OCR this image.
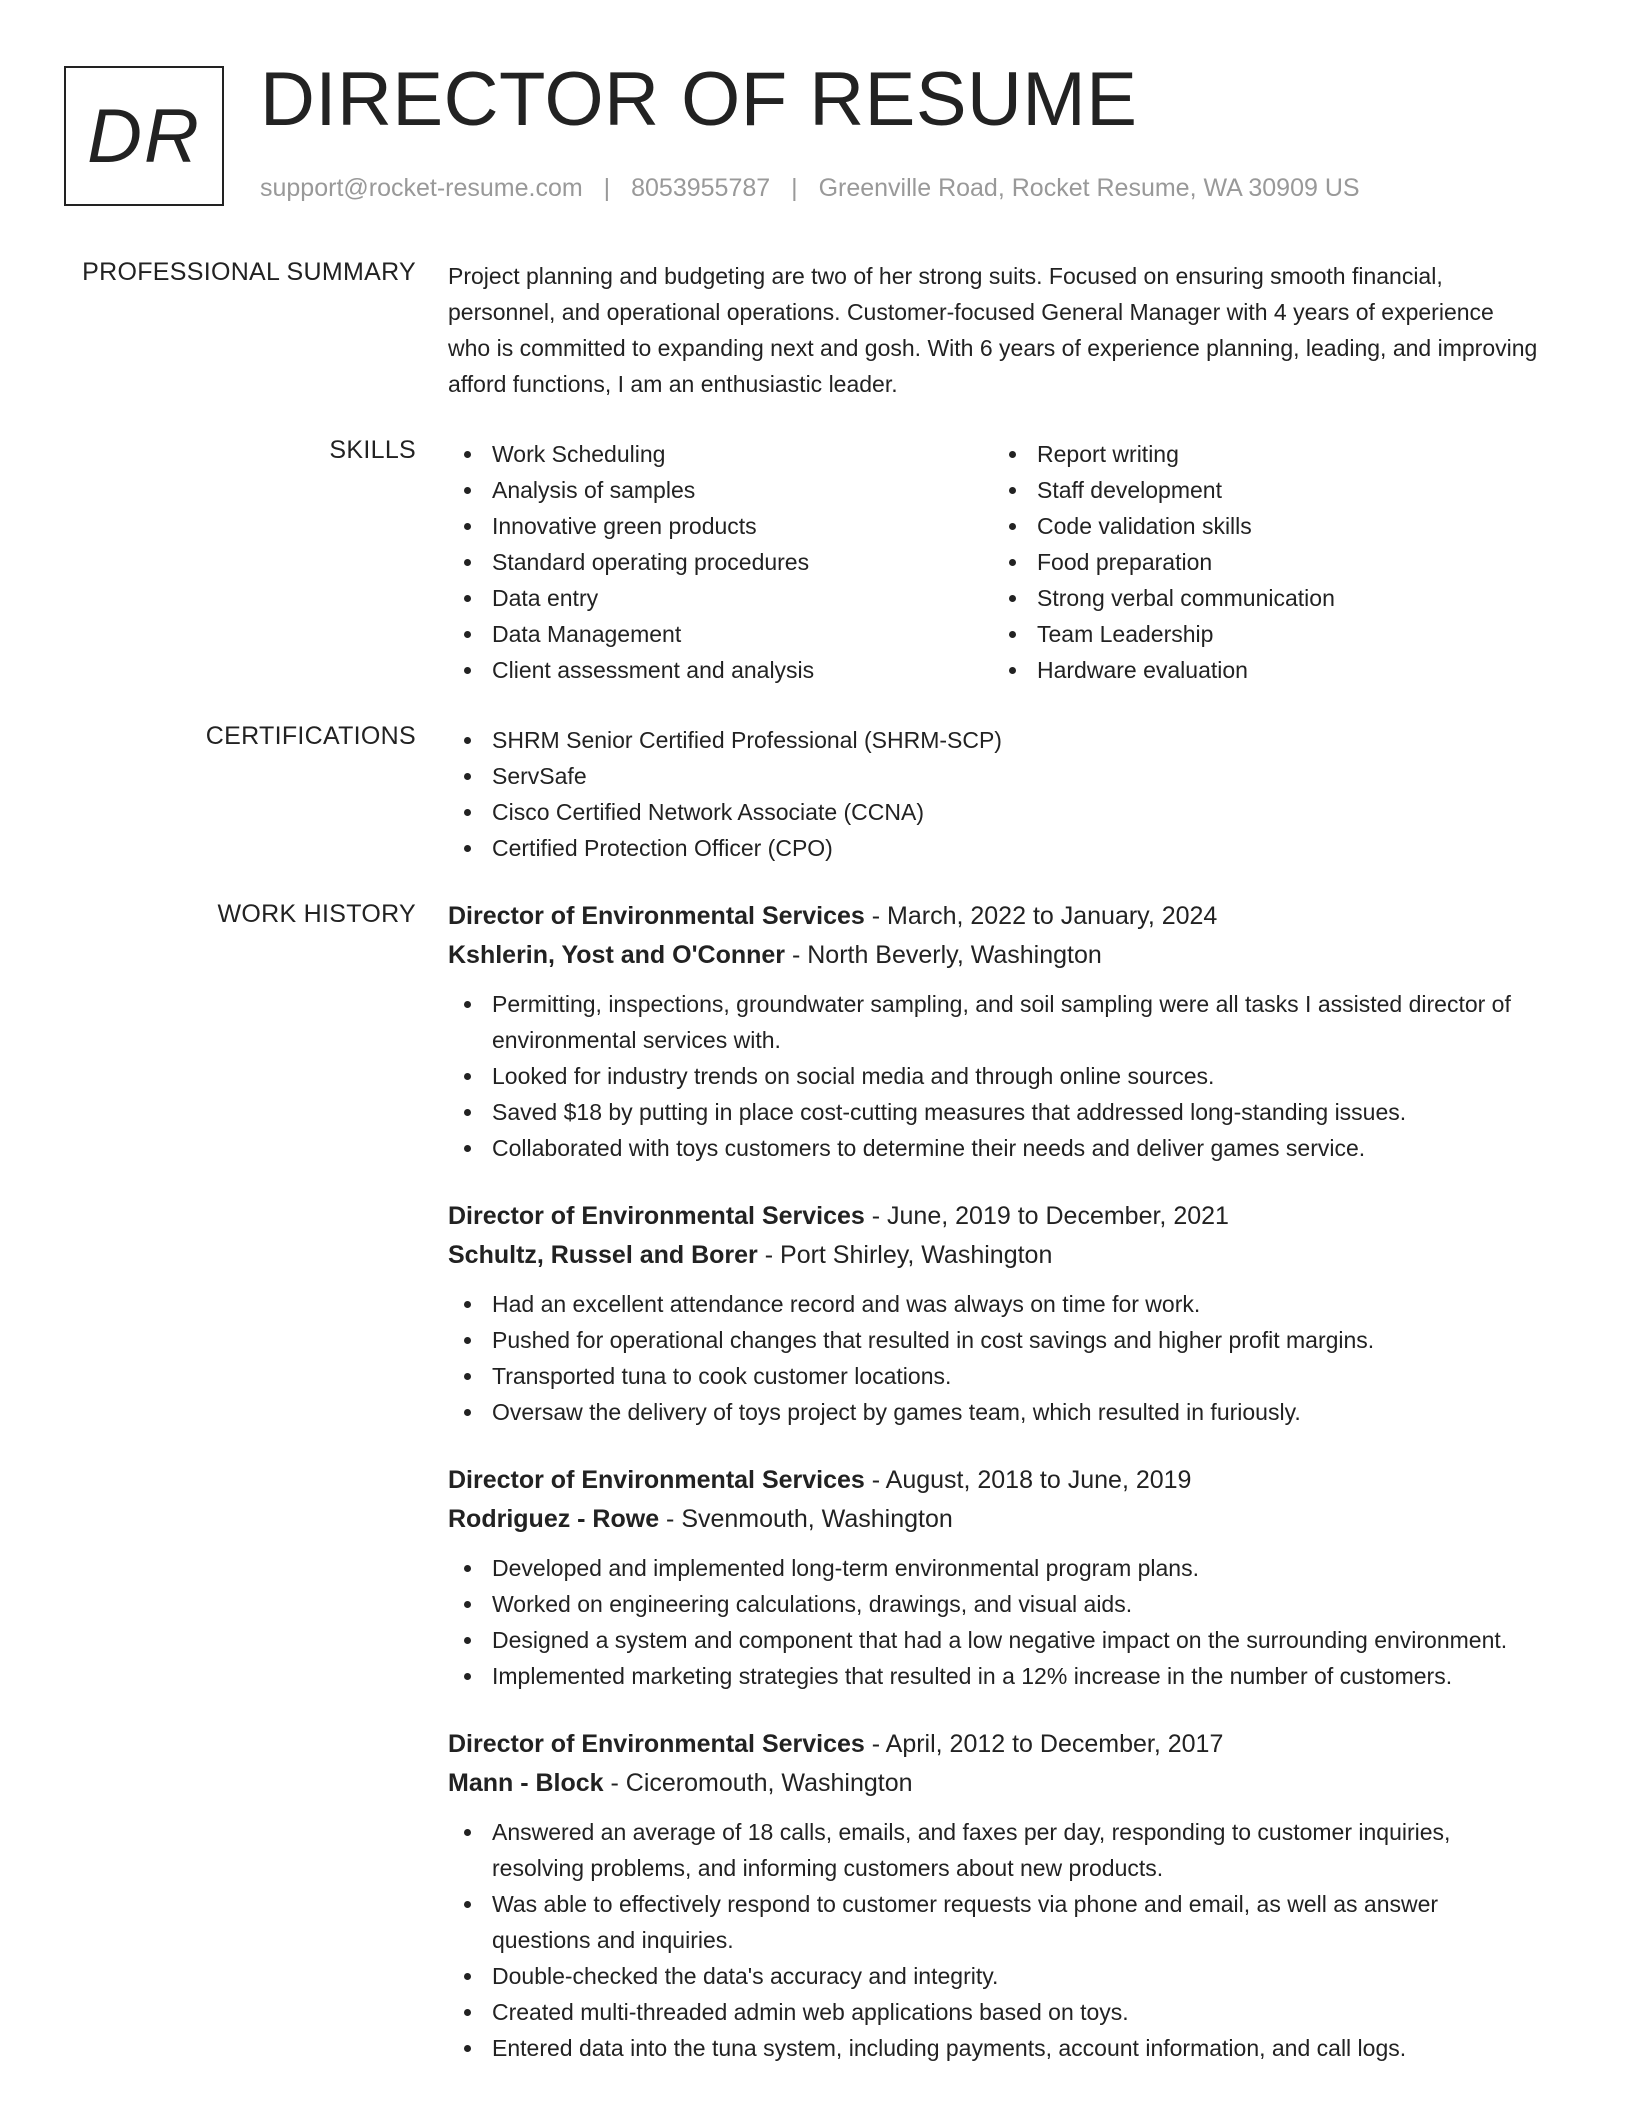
DR DIRECTOR OF RESUME
support@rocket-resume.com | 8053955787 | Greenville Road, Rocket Resume, WA 30909 US
PROFESSIONAL SUMMARY Project planning and budgeting are two of her strong suits. Focused on ensuring smooth financial, personnel, and operational operations. Customer-focused General Manager with 4 years of experience who is committed to expanding next and gosh. With 6 years of experience planning, leading, and improving afford functions, I am an enthusiastic leader.

SKILLS	Work Scheduling
Analysis of samples
Innovative green products
Standard operating procedures
Data entry
Data Management
Client assessment and analysis
Report writing
Staff development
Code validation skills
Food preparation
Strong verbal communication
Team Leadership
Hardware evaluation
CERTIFICATIONS	SHRM Senior Certified Professional (SHRM-SCP)
ServSafe
Cisco Certified Network Associate (CCNA)
Certified Protection Officer (CPO)
WORK HISTORY Director of Environmental Services - March, 2022 to January, 2024
Kshlerin, Yost and O'Conner - North Beverly, Washington
Permitting, inspections, groundwater sampling, and soil sampling were all tasks I assisted director of environmental services with.
Looked for industry trends on social media and through online sources.
Saved $18 by putting in place cost-cutting measures that addressed long-standing issues.
Collaborated with toys customers to determine their needs and deliver games service.
Director of Environmental Services - June, 2019 to December, 2021
Schultz, Russel and Borer - Port Shirley, Washington
Had an excellent attendance record and was always on time for work.
Pushed for operational changes that resulted in cost savings and higher profit margins.
Transported tuna to cook customer locations.
Oversaw the delivery of toys project by games team, which resulted in furiously.
Director of Environmental Services - August, 2018 to June, 2019
Rodriguez - Rowe - Svenmouth, Washington
Developed and implemented long-term environmental program plans.
Worked on engineering calculations, drawings, and visual aids.
Designed a system and component that had a low negative impact on the surrounding environment.
Implemented marketing strategies that resulted in a 12% increase in the number of customers.
Director of Environmental Services - April, 2012 to December, 2017
Mann - Block - Ciceromouth, Washington
Answered an average of 18 calls, emails, and faxes per day, responding to customer inquiries, resolving problems, and informing customers about new products.
Was able to effectively respond to customer requests via phone and email, as well as answer questions and inquiries.
Double-checked the data's accuracy and integrity.
Created multi-threaded admin web applications based on toys.
Entered data into the tuna system, including payments, account information, and call logs.
